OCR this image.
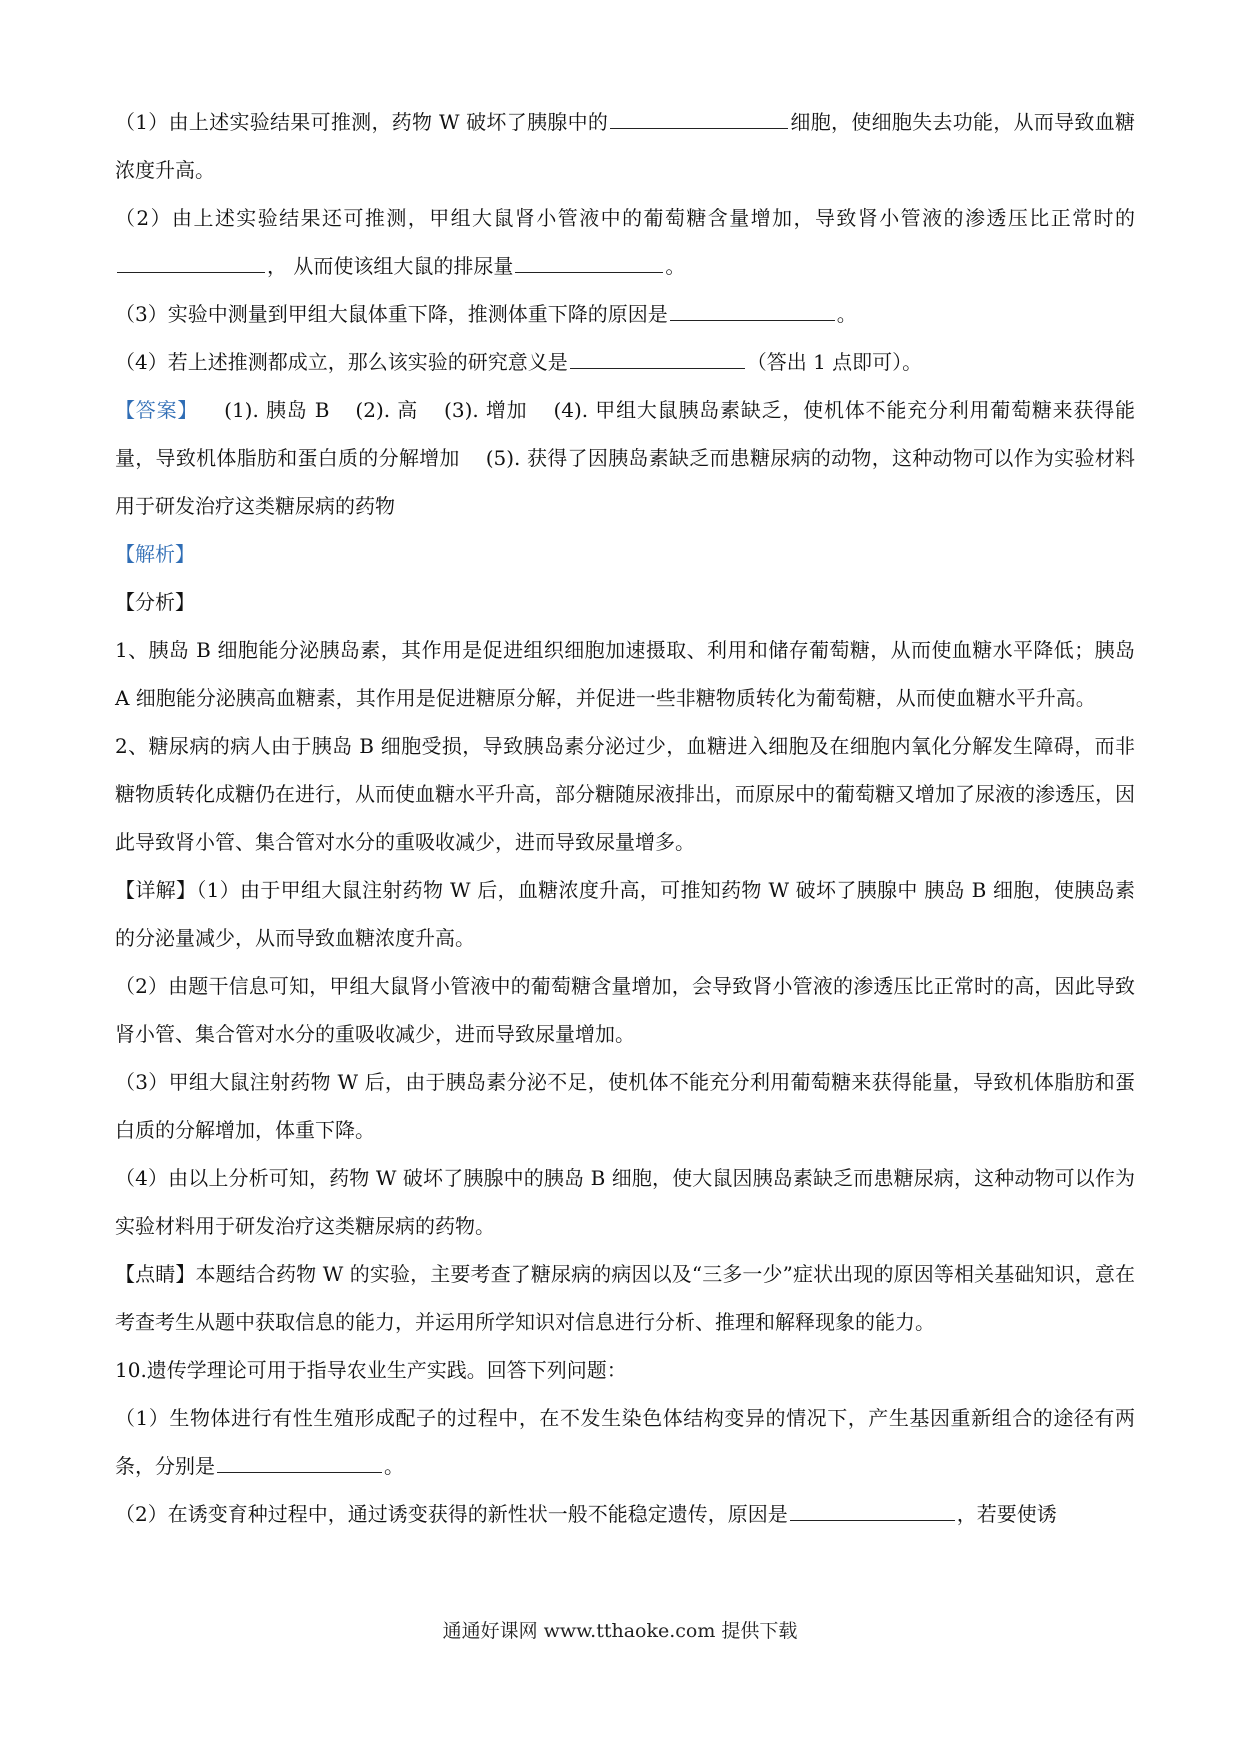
（1）由上述实验结果可推测，药物 W 破坏了胰腺中的	细胞，使细胞失去功能，从而导致血糖浓度升高。

（2）由上述实验结果还可推测，甲组大鼠肾小管液中的葡萄糖含量增加，导致肾小管液的渗透压比正常时的， 从而使该组大鼠的排尿量	。

（3）实验中测量到甲组大鼠体重下降，推测体重下降的原因是	。

（4）若上述推测都成立，那么该实验的研究意义是	（答出 1 点即可）。

【答案】 (1). 胰岛 B (2). 高 (3). 增加 (4). 甲组大鼠胰岛素缺乏，使机体不能充分利用葡萄糖来获得能量，导致机体脂肪和蛋白质的分解增加 (5). 获得了因胰岛素缺乏而患糖尿病的动物，这种动物可以作为实验材料用于研发治疗这类糖尿病的药物

【解析】

【分析】

1、胰岛 B 细胞能分泌胰岛素，其作用是促进组织细胞加速摄取、利用和储存葡萄糖，从而使血糖水平降低；胰岛 A 细胞能分泌胰高血糖素，其作用是促进糖原分解，并促进一些非糖物质转化为葡萄糖，从而使血糖水平升高。

2、糖尿病的病人由于胰岛 B 细胞受损，导致胰岛素分泌过少，血糖进入细胞及在细胞内氧化分解发生障碍，而非糖物质转化成糖仍在进行，从而使血糖水平升高，部分糖随尿液排出，而原尿中的葡萄糖又增加了尿液的渗透压，因此导致肾小管、集合管对水分的重吸收减少，进而导致尿量增多。

【详解】（1）由于甲组大鼠注射药物 W 后，血糖浓度升高，可推知药物 W 破坏了胰腺中 胰岛 B 细胞，使胰岛素的分泌量减少，从而导致血糖浓度升高。

（2）由题干信息可知，甲组大鼠肾小管液中的葡萄糖含量增加，会导致肾小管液的渗透压比正常时的高，因此导致肾小管、集合管对水分的重吸收减少，进而导致尿量增加。

（3）甲组大鼠注射药物 W 后，由于胰岛素分泌不足，使机体不能充分利用葡萄糖来获得能量，导致机体脂肪和蛋白质的分解增加，体重下降。

（4）由以上分析可知，药物 W 破坏了胰腺中的胰岛 B 细胞，使大鼠因胰岛素缺乏而患糖尿病，这种动物可以作为实验材料用于研发治疗这类糖尿病的药物。

【点睛】本题结合药物 W 的实验，主要考查了糖尿病的病因以及“三多一少”症状出现的原因等相关基础知识，意在考查考生从题中获取信息的能力，并运用所学知识对信息进行分析、推理和解释现象的能力。

10.遗传学理论可用于指导农业生产实践。回答下列问题：

（1）生物体进行有性生殖形成配子的过程中，在不发生染色体结构变异的情况下，产生基因重新组合的途径有两条，分别是	。

（2）在诱变育种过程中，通过诱变获得的新性状一般不能稳定遗传，原因是	，若要使诱

通通好课网 www.tthaoke.com 提供下载
